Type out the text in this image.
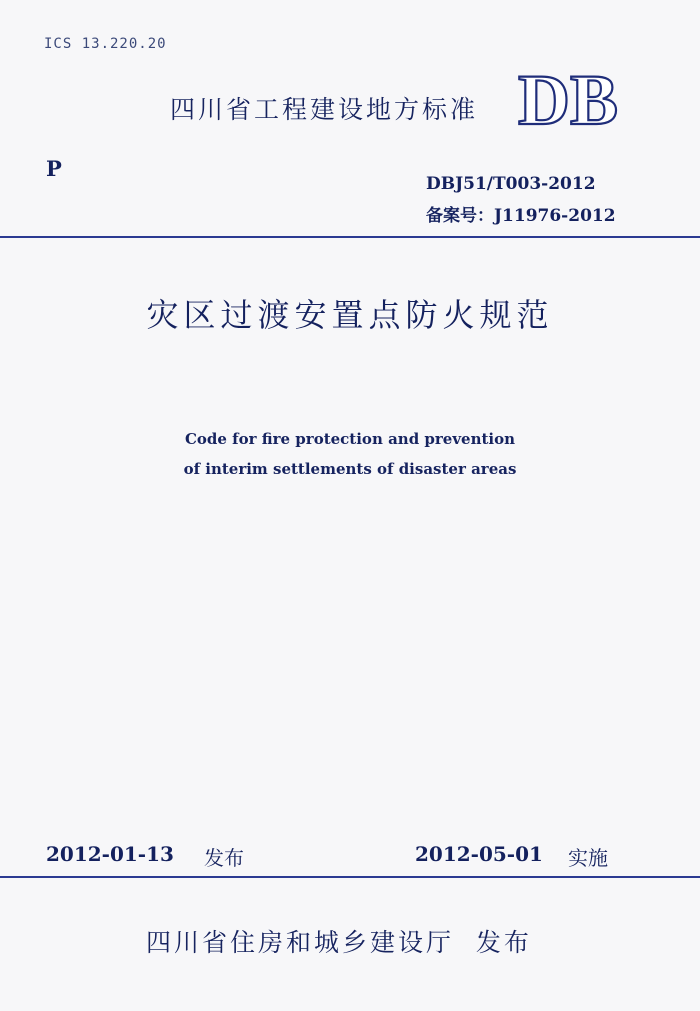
ICS 13.220.20
四川省工程建设地方标准 DB
P
DBJ51/T003-2012
备案号：J11976-2012
灾区过渡安置点防火规范
Code for fire protection and prevention
of interim settlements of disaster areas
2012-01-13 发布	2012-05-01 实施
四川省住房和城乡建设厅  发布
